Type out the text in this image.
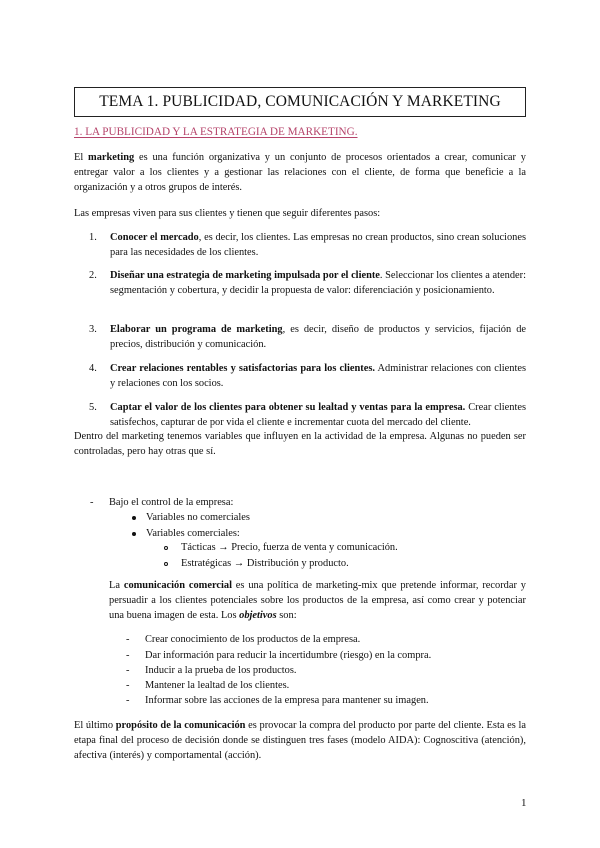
TEMA 1. PUBLICIDAD, COMUNICACIÓN Y MARKETING
1. LA PUBLICIDAD Y LA ESTRATEGIA DE MARKETING.
El marketing es una función organizativa y un conjunto de procesos orientados a crear, comunicar y entregar valor a los clientes y a gestionar las relaciones con el cliente, de forma que beneficie a la organización y a otros grupos de interés.
Las empresas viven para sus clientes y tienen que seguir diferentes pasos:
1. Conocer el mercado, es decir, los clientes. Las empresas no crean productos, sino crean soluciones para las necesidades de los clientes.
2. Diseñar una estrategia de marketing impulsada por el cliente. Seleccionar los clientes a atender: segmentación y cobertura, y decidir la propuesta de valor: diferenciación y posicionamiento.
3. Elaborar un programa de marketing, es decir, diseño de productos y servicios, fijación de precios, distribución y comunicación.
4. Crear relaciones rentables y satisfactorias para los clientes. Administrar relaciones con clientes y relaciones con los socios.
5. Captar el valor de los clientes para obtener su lealtad y ventas para la empresa. Crear clientes satisfechos, capturar de por vida el cliente e incrementar cuota del mercado del cliente.
Dentro del marketing tenemos variables que influyen en la actividad de la empresa. Algunas no pueden ser controladas, pero hay otras que sí.
- Bajo el control de la empresa:
Variables no comerciales
Variables comerciales:
Tácticas → Precio, fuerza de venta y comunicación.
Estratégicas → Distribución y producto.
La comunicación comercial es una política de marketing-mix que pretende informar, recordar y persuadir a los clientes potenciales sobre los productos de la empresa, así como crear y potenciar una buena imagen de esta. Los objetivos son:
- Crear conocimiento de los productos de la empresa.
- Dar información para reducir la incertidumbre (riesgo) en la compra.
- Inducir a la prueba de los productos.
- Mantener la lealtad de los clientes.
- Informar sobre las acciones de la empresa para mantener su imagen.
El último propósito de la comunicación es provocar la compra del producto por parte del cliente. Esta es la etapa final del proceso de decisión donde se distinguen tres fases (modelo AIDA): Cognoscitiva (atención), afectiva (interés) y comportamental (acción).
1
